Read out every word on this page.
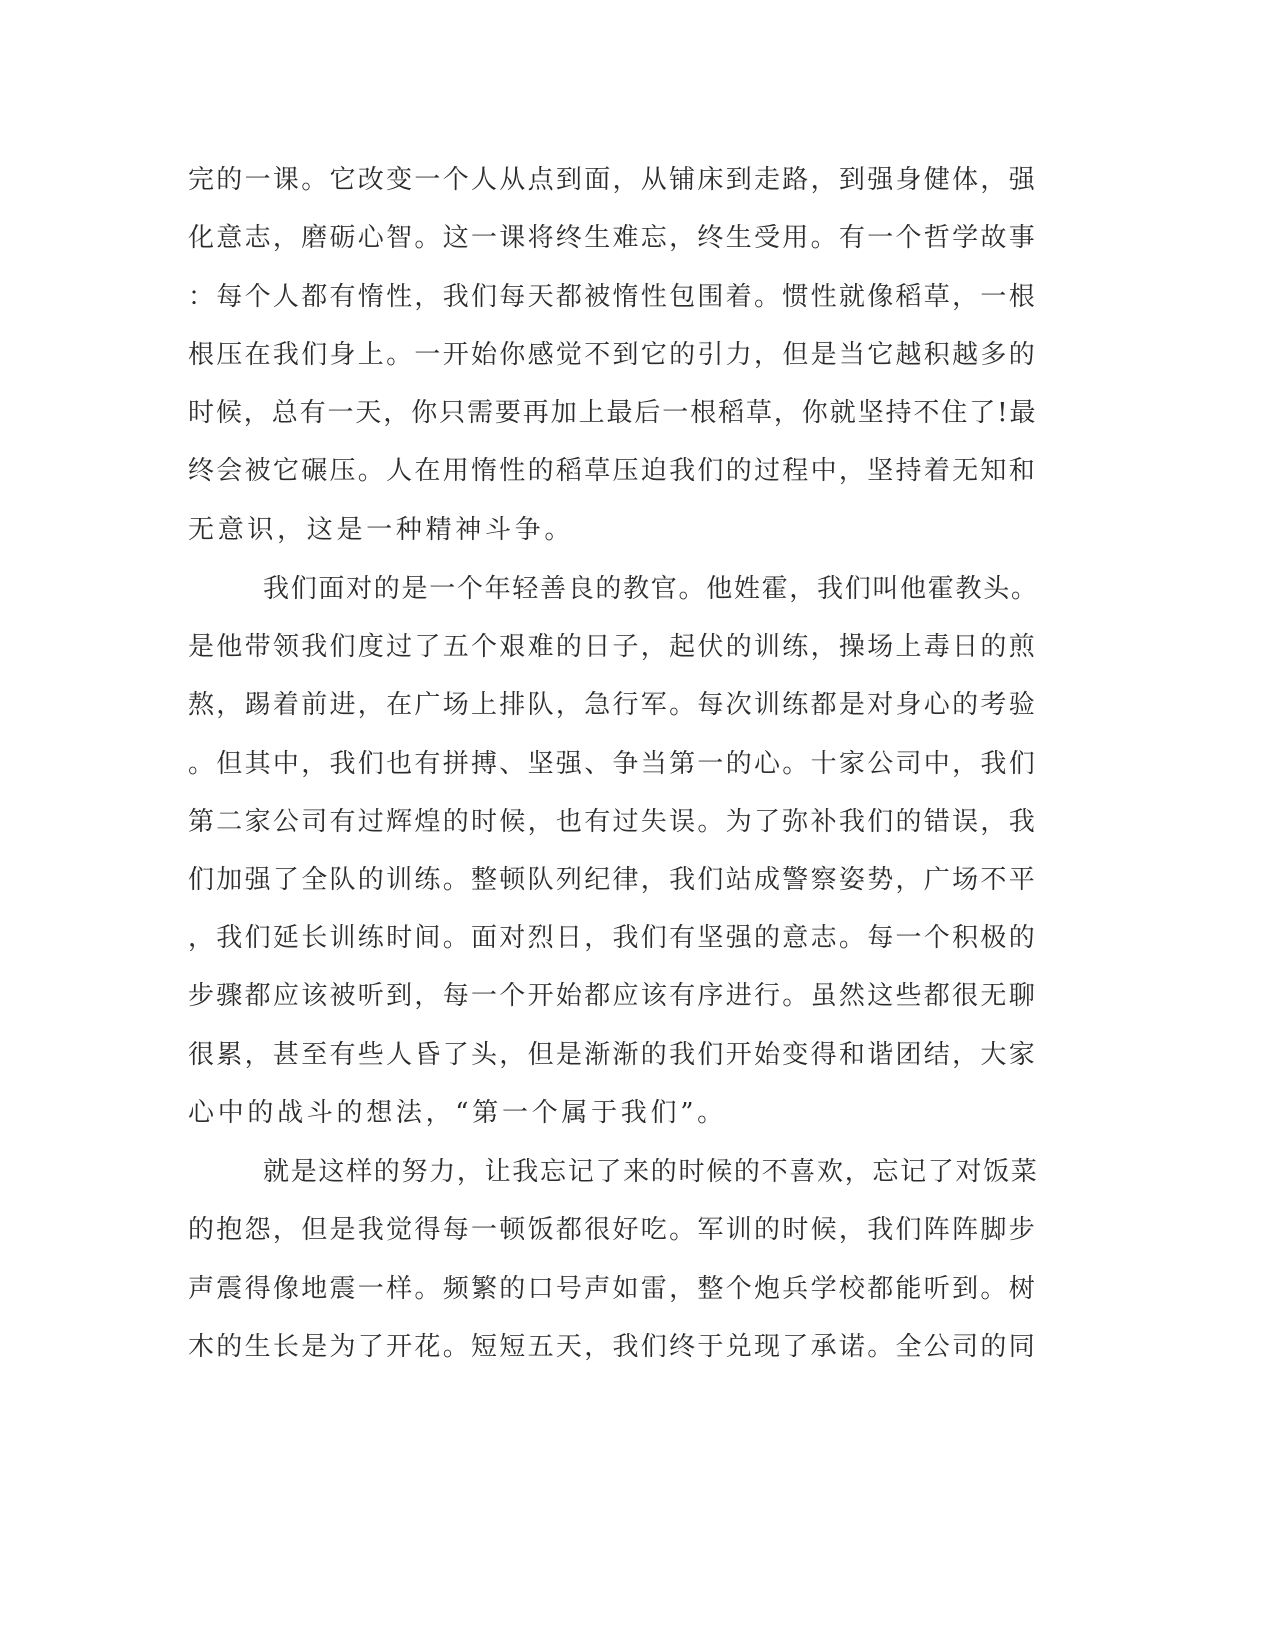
完的一课。它改变一个人从点到面，从铺床到走路，到强身健体，强
化意志，磨砺心智。这一课将终生难忘，终生受用。有一个哲学故事
：每个人都有惰性，我们每天都被惰性包围着。惯性就像稻草，一根
根压在我们身上。一开始你感觉不到它的引力，但是当它越积越多的
时候，总有一天，你只需要再加上最后一根稻草，你就坚持不住了!最
终会被它碾压。人在用惰性的稻草压迫我们的过程中，坚持着无知和
无意识，这是一种精神斗争。
我们面对的是一个年轻善良的教官。他姓霍，我们叫他霍教头。
是他带领我们度过了五个艰难的日子，起伏的训练，操场上毒日的煎
熬，踢着前进，在广场上排队，急行军。每次训练都是对身心的考验
。但其中，我们也有拼搏、坚强、争当第一的心。十家公司中，我们
第二家公司有过辉煌的时候，也有过失误。为了弥补我们的错误，我
们加强了全队的训练。整顿队列纪律，我们站成警察姿势，广场不平
，我们延长训练时间。面对烈日，我们有坚强的意志。每一个积极的
步骤都应该被听到，每一个开始都应该有序进行。虽然这些都很无聊
很累，甚至有些人昏了头，但是渐渐的我们开始变得和谐团结，大家
心中的战斗的想法，“第一个属于我们”。
就是这样的努力，让我忘记了来的时候的不喜欢，忘记了对饭菜
的抱怨，但是我觉得每一顿饭都很好吃。军训的时候，我们阵阵脚步
声震得像地震一样。频繁的口号声如雷，整个炮兵学校都能听到。树
木的生长是为了开花。短短五天，我们终于兑现了承诺。全公司的同
